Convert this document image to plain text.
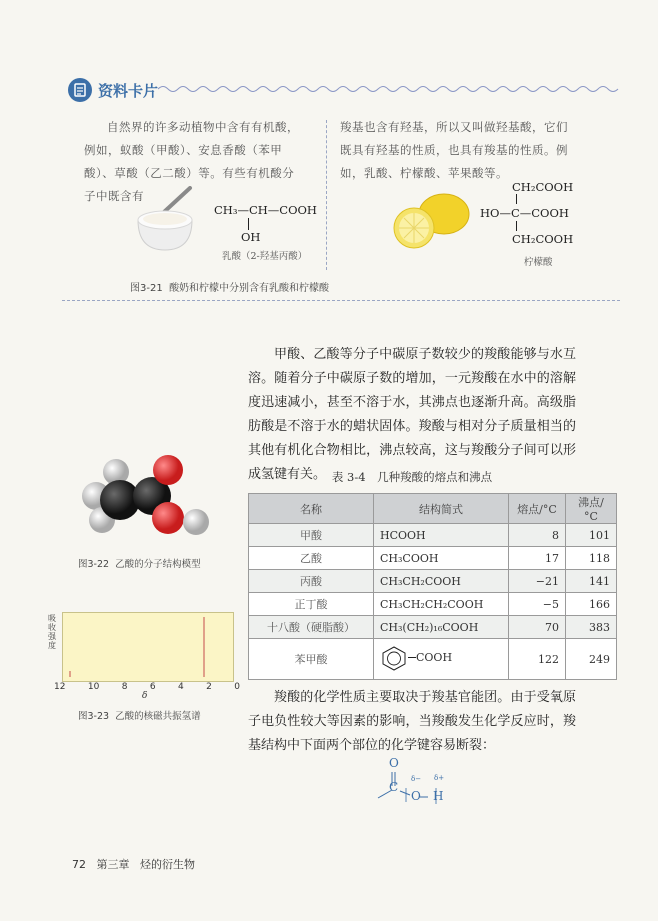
资料卡片
自然界的许多动植物中含有有机酸，例如，蚁酸（甲酸）、安息香酸（苯甲酸）、草酸（乙二酸）等。有些有机酸分子中既含有
羧基也含有羟基，所以又叫做羟基酸，它们既具有羟基的性质，也具有羧基的性质。例如，乳酸、柠檬酸、苹果酸等。
CH₃—CH—COOH
OH
乳酸（2-羟基丙酸）
CH₂COOH
HO—C—COOH
CH₂COOH
柠檬酸
图3-21 酸奶和柠檬中分别含有乳酸和柠檬酸
甲酸、乙酸等分子中碳原子数较少的羧酸能够与水互溶。随着分子中碳原子数的增加，一元羧酸在水中的溶解度迅速减小，甚至不溶于水，其沸点也逐渐升高。高级脂肪酸是不溶于水的蜡状固体。羧酸与相对分子质量相当的其他有机化合物相比，沸点较高，这与羧酸分子间可以形成氢键有关。
图3-22 乙酸的分子结构模型
吸收强度
12 10 8 6 4 2 0
δ
图3-23 乙酸的核磁共振氢谱
表 3-4　几种羧酸的熔点和沸点
名称	结构简式	熔点/°C	沸点/°C
甲酸	HCOOH	8	101
乙酸	CH₃COOH	17	118
丙酸	CH₃CH₂COOH	−21	141
正丁酸	CH₃CH₂CH₂COOH	−5	166
十八酸（硬脂酸）	CH₃(CH₂)₁₆COOH	70	383
苯甲酸	COOH	122	249
羧酸的化学性质主要取决于羧基官能团。由于受氧原子电负性较大等因素的影响，当羧酸发生化学反应时，羧基结构中下面两个部位的化学键容易断裂：
O
C
O H
δ− δ+
72 第三章 烃的衍生物
